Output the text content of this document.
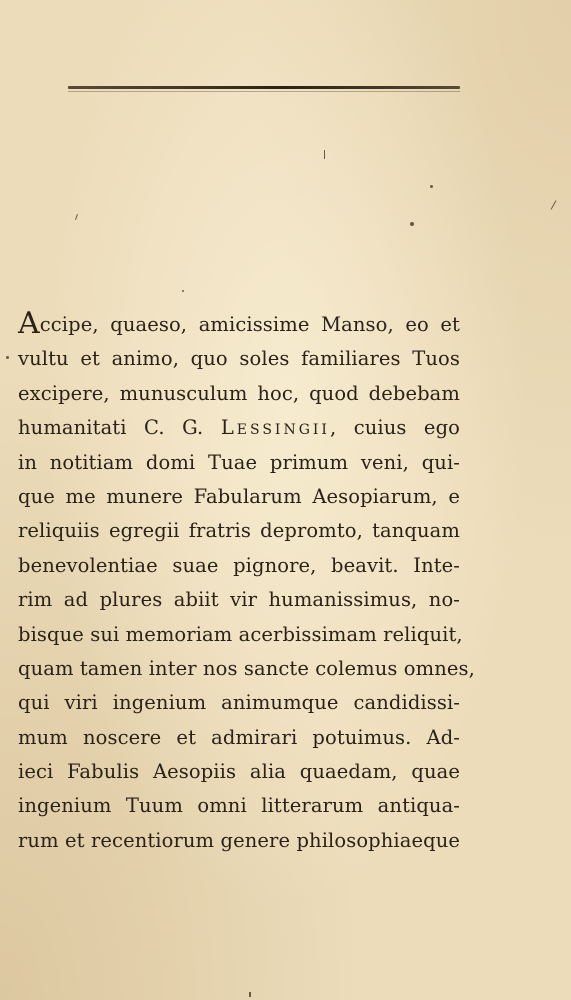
Accipe, quaeso, amicissime Manso, eo et
vultu et animo, quo soles familiares Tuos
excipere, munusculum hoc, quod debebam
humanitati C. G. Lessingii, cuius ego
in notitiam domi Tuae primum veni, qui-
que me munere Fabularum Aesopiarum, e
reliquiis egregii fratris depromto, tanquam
benevolentiae suae pignore, beavit. Inte-
rim ad plures abiit vir humanissimus, no-
bisque sui memoriam acerbissimam reliquit,
quam tamen inter nos sancte colemus omnes,
qui viri ingenium animumque candidissi-
mum noscere et admirari potuimus. Ad-
ieci Fabulis Aesopiis alia quaedam, quae
ingenium Tuum omni litterarum antiqua-
rum et recentiorum genere philosophiaeque
